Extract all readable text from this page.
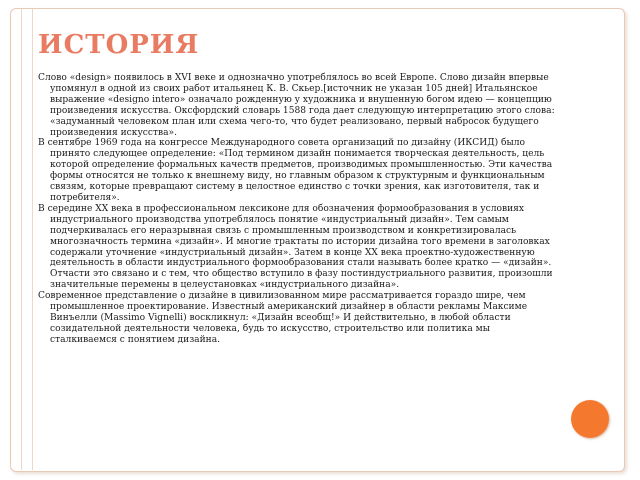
ИСТОРИЯ

Слово «design» появилось в XVI веке и однозначно употреблялось во всей Европе. Слово дизайн впервые упомянул в одной из своих работ итальянец К. В. Скьер.[источник не указан 105 дней] Итальянское выражение «designo intero» означало рожденную у художника и внушенную богом идею — концепцию произведения искусства. Оксфордский словарь 1588 года дает следующую интерпретацию этого слова: «задуманный человеком план или схема чего-то, что будет реализовано, первый набросок будущего произведения искусства».

В сентябре 1969 года на конгрессе Международного совета организаций по дизайну (ИКСИД) было принято следующее определение: «Под термином дизайн понимается творческая деятельность, цель которой определение формальных качеств предметов, производимых промышленностью. Эти качества формы относятся не только к внешнему виду, но главным образом к структурным и функциональным связям, которые превращают систему в целостное единство с точки зрения, как изготовителя, так и потребителя».

В середине XX века в профессиональном лексиконе для обозначения формообразования в условиях индустриального производства употреблялось понятие «индустриальный дизайн». Тем самым подчеркивалась его неразрывная связь с промышленным производством и конкретизировалась многозначность термина «дизайн». И многие трактаты по истории дизайна того времени в заголовках содержали уточнение «индустриальный дизайн». Затем в конце XX века проектно-художественную деятельность в области индустриального формообразования стали называть более кратко — «дизайн». Отчасти это связано и с тем, что общество вступило в фазу постиндустриального развития, произошли значительные перемены в целеустановках «индустриального дизайна».

Современное представление о дизайне в цивилизованном мире рассматривается гораздо шире, чем промышленное проектирование. Известный американский дизайнер в области рекламы Максиме Винъелли (Massimo Vignelli) воскликнул: «Дизайн всеобщ!» И действительно, в любой области созидательной деятельности человека, будь то искусство, строительство или политика мы сталкиваемся с понятием дизайна.
